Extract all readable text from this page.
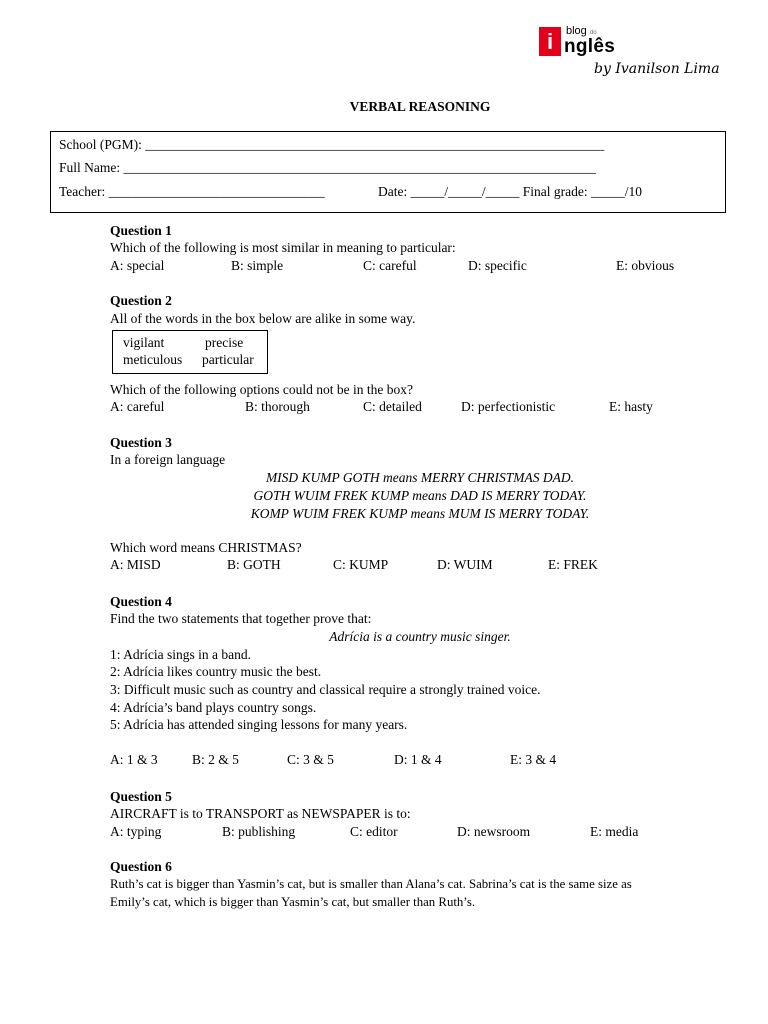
i	blog do
nglês
by Ivanilson Lima
VERBAL REASONING
School (PGM): ____________________________________________________________________
Full Name: ______________________________________________________________________
Teacher: ________________________________	Date: _____/_____/_____ Final grade: _____/10
Question 1
Which of the following is most similar in meaning to particular:
A: special	B: simple	C: careful	D: specific	E: obvious
Question 2
All of the words in the box below are alike in some way.
vigilant	precise
meticulous particular
Which of the following options could not be in the box?
A: careful	B: thorough	C: detailed	D: perfectionistic	E: hasty
Question 3
In a foreign language
MISD KUMP GOTH means MERRY CHRISTMAS DAD.
GOTH WUIM FREK KUMP means DAD IS MERRY TODAY.
KOMP WUIM FREK KUMP means MUM IS MERRY TODAY.
Which word means CHRISTMAS?
A: MISD	B: GOTH	C: KUMP	D: WUIM	E: FREK
Question 4
Find the two statements that together prove that:
Adrícia is a country music singer.
1: Adrícia sings in a band.
2: Adrícia likes country music the best.
3: Difficult music such as country and classical require a strongly trained voice.
4: Adrícia’s band plays country songs.
5: Adrícia has attended singing lessons for many years.
A: 1 & 3	B: 2 & 5	C: 3 & 5	D: 1 & 4	E: 3 & 4
Question 5
AIRCRAFT is to TRANSPORT as NEWSPAPER is to:
A: typing	B: publishing	C: editor	D: newsroom	E: media
Question 6
Ruth’s cat is bigger than Yasmin’s cat, but is smaller than Alana’s cat. Sabrina’s cat is the same size as
Emily’s cat, which is bigger than Yasmin’s cat, but smaller than Ruth’s.
